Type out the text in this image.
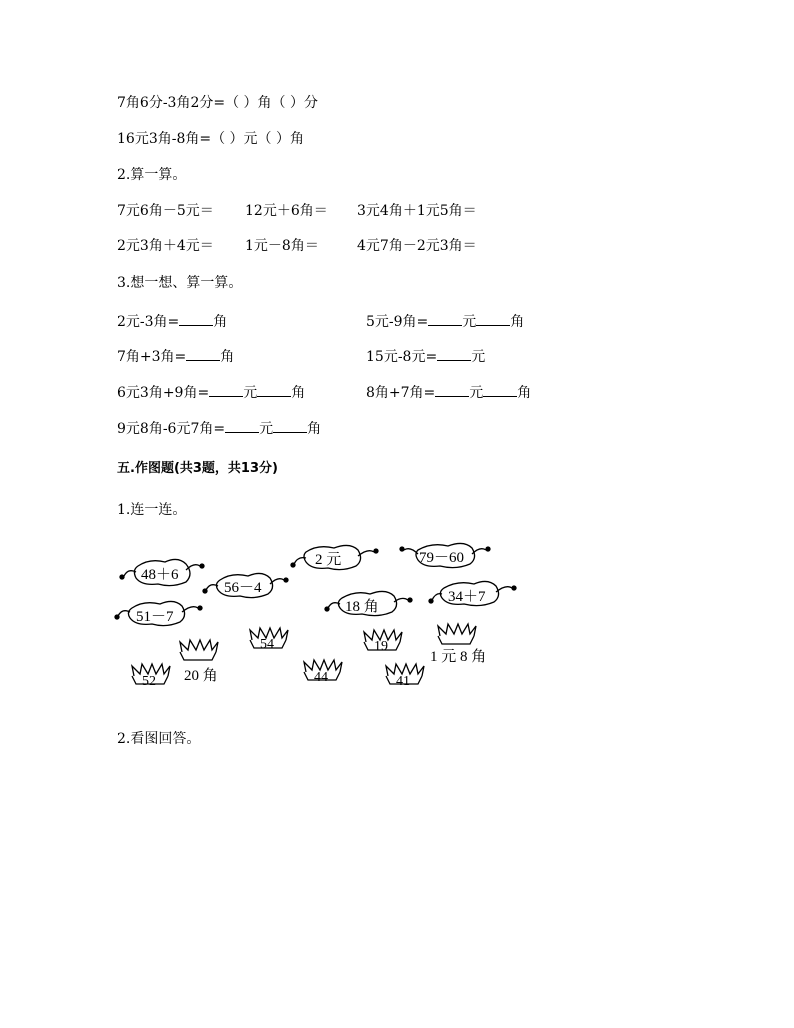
7角6分-3角2分=（ ）角（ ）分
16元3角-8角=（ ）元（ ）角
2.算一算。
7元6角－5元＝ 12元＋6角＝ 3元4角＋1元5角＝
2元3角＋4元＝ 1元－8角＝	4元7角－2元3角＝
3.想一想、算一算。
2元-3角= 角	5元-9角= 元 角
7角+3角= 角	15元-8元= 元
6元3角+9角= 元 角	8角+7角= 元 角
9元8角-6元7角= 元 角
五.作图题(共3题，共13分)
1.连一连。
48＋6
56－4
2 元	79－60
51－7
18 角
34＋7
54	19
52	44	41
20 角
1 元 8 角
2.看图回答。
